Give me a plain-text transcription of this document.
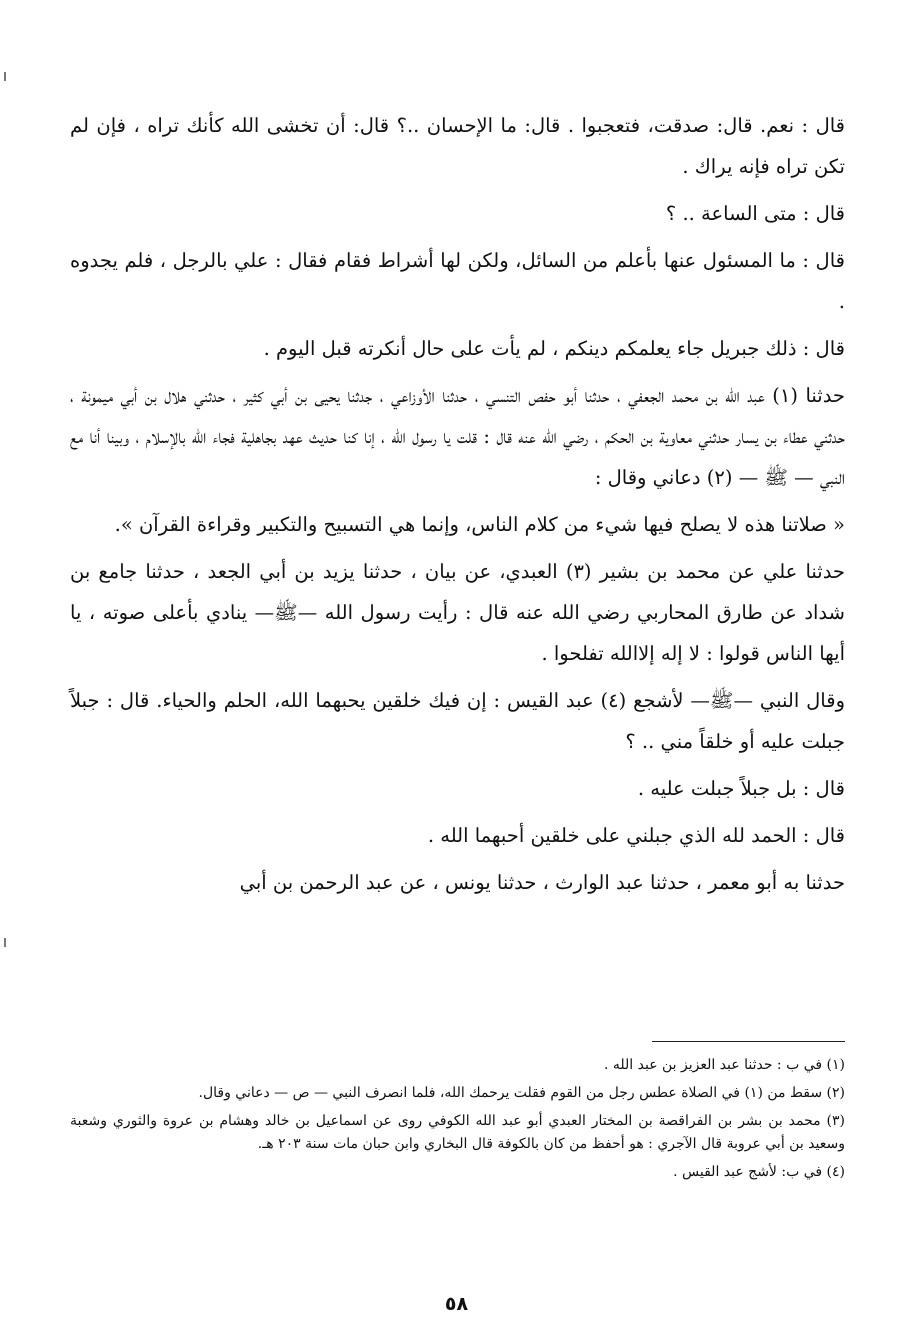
قال : نعم. قال: صدقت، فتعجبوا . قال: ما الإحسان ..؟ قال: أن تخشى الله كأنك تراه ، فإن لم تكن تراه فإنه يراك .

قال : متى الساعة .. ؟

قال : ما المسئول عنها بأعلم من السائل، ولكن لها أشراط فقام فقال : علي بالرجل ، فلم يجدوه .

قال : ذلك جبريل جاء يعلمكم دينكم ، لم يأت على حال أنكرته قبل اليوم .

حدثنا (١) عبد الله بن محمد الجعفي ، حدثنا أبو حفص التنسي ، حدثنا الأوزاعي ، جدثنا يحيى بن أبي كثير ، حدثني هلال بن أبي ميمونة ، حدثني عطاء بن يسار حدثني معاوية بن الحكم ، رضي الله عنه قال : قلت يا رسول الله ، إنا كنا حديث عهد بجاهلية فجاء الله بالإسلام ، وبينا أنا مع النبي — ﷺ — (٢) دعاني وقال :

« صلاتنا هذه لا يصلح فيها شيء من كلام الناس، وإنما هي التسبيح والتكبير وقراءة القرآن ».

حدثنا علي عن محمد بن بشير (٣) العبدي، عن بيان ، حدثنا يزيد بن أبي الجعد ، حدثنا جامع بن شداد عن طارق المحاربي رضي الله عنه قال : رأيت رسول الله —ﷺ— ينادي بأعلى صوته ، يا أيها الناس قولوا : لا إله إلاالله تفلحوا .

وقال النبي —ﷺ— لأشجع (٤) عبد القيس : إن فيك خلقين يحبهما الله، الحلم والحياء. قال : جبلاً جبلت عليه أو خلقاً مني .. ؟

قال : بل جبلاً جبلت عليه .

قال : الحمد لله الذي جبلني على خلقين أحبهما الله .

حدثنا به أبو معمر ، حدثنا عبد الوارث ، حدثنا يونس ، عن عبد الرحمن بن أبي

(١) في ب : حدثنا عبد العزيز بن عبد الله .

(٢) سقط من (١) في الصلاة عطس رجل من القوم فقلت يرحمك الله، فلما انصرف النبي — ص — دعاني وقال.

(٣) محمد بن بشر بن الفراقصة بن المختار العبدي أبو عبد الله الكوفي روى عن اسماعيل بن خالد وهشام بن عروة والثوري وشعبة وسعيد بن أبي عروبة قال الآجري : هو أحفظ من كان بالكوفة قال البخاري وابن حبان مات سنة ٢٠٣ هـ.

(٤) في ب: لأشج عبد القيس .

٥٨
